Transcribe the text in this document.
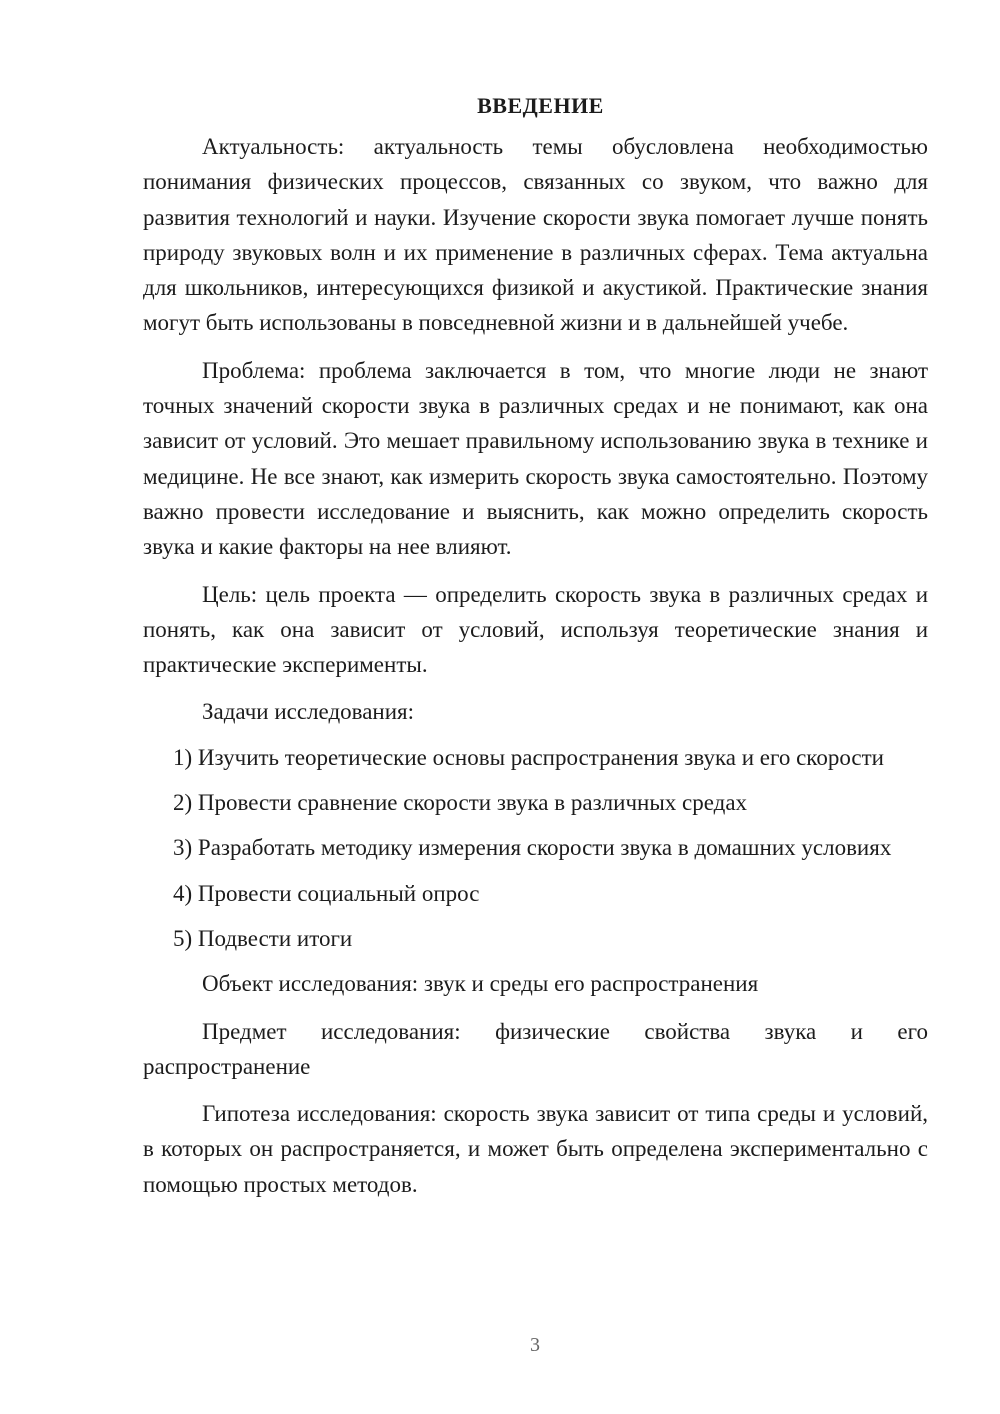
ВВЕДЕНИЕ

Актуальность: актуальность темы обусловлена необходимостью понимания физических процессов, связанных со звуком, что важно для развития технологий и науки. Изучение скорости звука помогает лучше понять природу звуковых волн и их применение в различных сферах. Тема актуальна для школьников, интересующихся физикой и акустикой. Практические знания могут быть использованы в повседневной жизни и в дальнейшей учебе.

Проблема: проблема заключается в том, что многие люди не знают точных значений скорости звука в различных средах и не понимают, как она зависит от условий. Это мешает правильному использованию звука в технике и медицине. Не все знают, как измерить скорость звука самостоятельно. Поэтому важно провести исследование и выяснить, как можно определить скорость звука и какие факторы на нее влияют.

Цель: цель проекта — определить скорость звука в различных средах и понять, как она зависит от условий, используя теоретические знания и практические эксперименты.

Задачи исследования:

1) Изучить теоретические основы распространения звука и его скорости

2) Провести сравнение скорости звука в различных средах

3) Разработать методику измерения скорости звука в домашних условиях

4) Провести социальный опрос

5) Подвести итоги

Объект исследования: звук и среды его распространения

Предмет исследования: физические свойства звука и его распространение

Гипотеза исследования: скорость звука зависит от типа среды и условий, в которых он распространяется, и может быть определена экспериментально с помощью простых методов.

3
